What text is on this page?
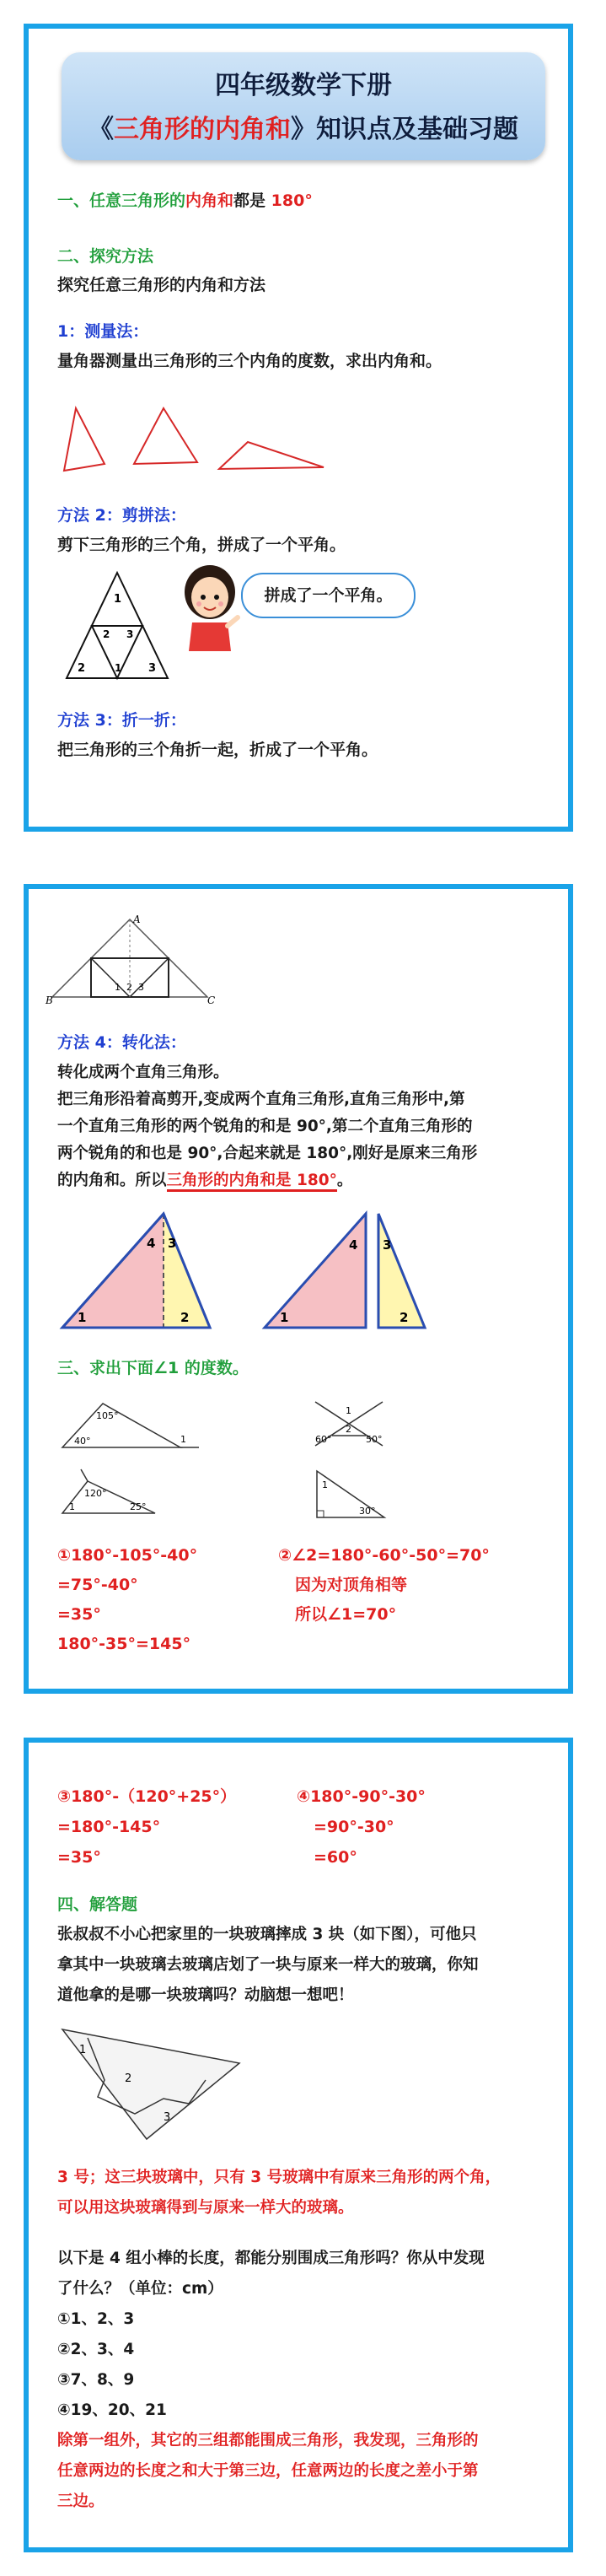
四年级数学下册
《三角形的内角和》知识点及基础习题
一、任意三角形的内角和都是 180°
二、探究方法
探究任意三角形的内角和方法
1：测量法：
量角器测量出三角形的三个内角的度数，求出内角和。
方法 2：剪拼法：
剪下三角形的三个角，拼成了一个平角。
1
2	3
2
1
3
拼成了一个平角。
方法 3：折一折：
把三角形的三个角折一起，折成了一个平角。
A
B	C
1 2 3
方法 4：转化法：
转化成两个直角三角形。
把三角形沿着高剪开,变成两个直角三角形,直角三角形中,第
一个直角三角形的两个锐角的和是 90°,第二个直角三角形的
两个锐角的和也是 90°,合起来就是 180°,刚好是原来三角形
的内角和。所以三角形的内角和是 180°。
4 3
1	2
4 3
1	2
三、求出下面∠1 的度数。
105°
40°	1
1
60°
2
50°
120°
25°
1
1
30°
①180°-105°-40°
=75°-40°
=35°
180°-35°=145°
②∠2=180°-60°-50°=70°
因为对顶角相等
所以∠1=70°
③180°-（120°+25°）
=180°-145°
=35°
④180°-90°-30°
=90°-30°
=60°
四、解答题
张叔叔不小心把家里的一块玻璃摔成 3 块（如下图），可他只
拿其中一块玻璃去玻璃店划了一块与原来一样大的玻璃，你知
道他拿的是哪一块玻璃吗？动脑想一想吧！
1
2
3
3 号；这三块玻璃中，只有 3 号玻璃中有原来三角形的两个角，
可以用这块玻璃得到与原来一样大的玻璃。
以下是 4 组小棒的长度，都能分别围成三角形吗？你从中发现
了什么？（单位：cm）
①1、2、3
②2、3、4
③7、8、9
④19、20、21
除第一组外，其它的三组都能围成三角形，我发现，三角形的
任意两边的长度之和大于第三边，任意两边的长度之差小于第
三边。
